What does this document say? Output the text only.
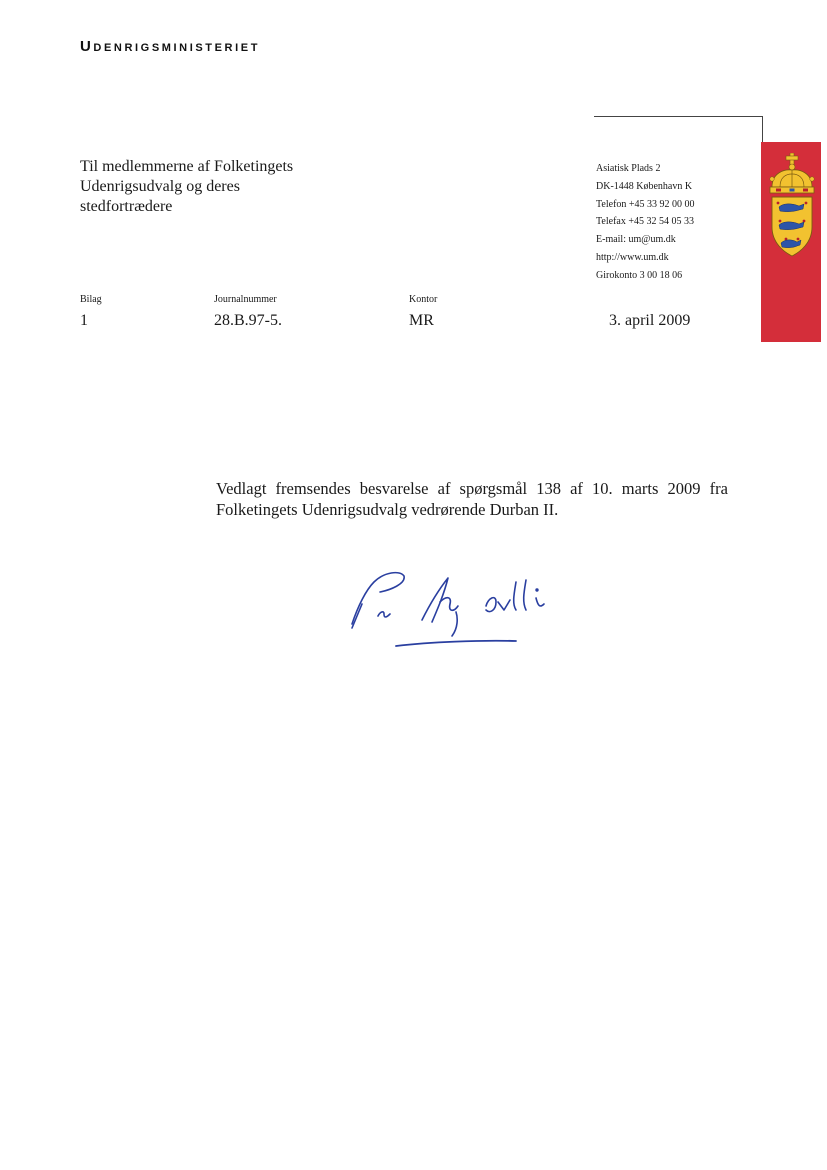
Udenrigsministeriet
Til medlemmerne af Folketingets
Udenrigsudvalg og deres
stedfortrædere
Asiatisk Plads 2
DK-1448 København K
Telefon +45 33 92 00 00
Telefax +45 32 54 05 33
E-mail: um@um.dk
http://www.um.dk
Girokonto 3 00 18 06
Bilag	Journalnummer	Kontor
1	28.B.97-5.	MR	3. april 2009
Vedlagt fremsendes besvarelse af spørgsmål 138 af 10. marts 2009 fra
Folketingets Udenrigsudvalg vedrørende Durban II.
